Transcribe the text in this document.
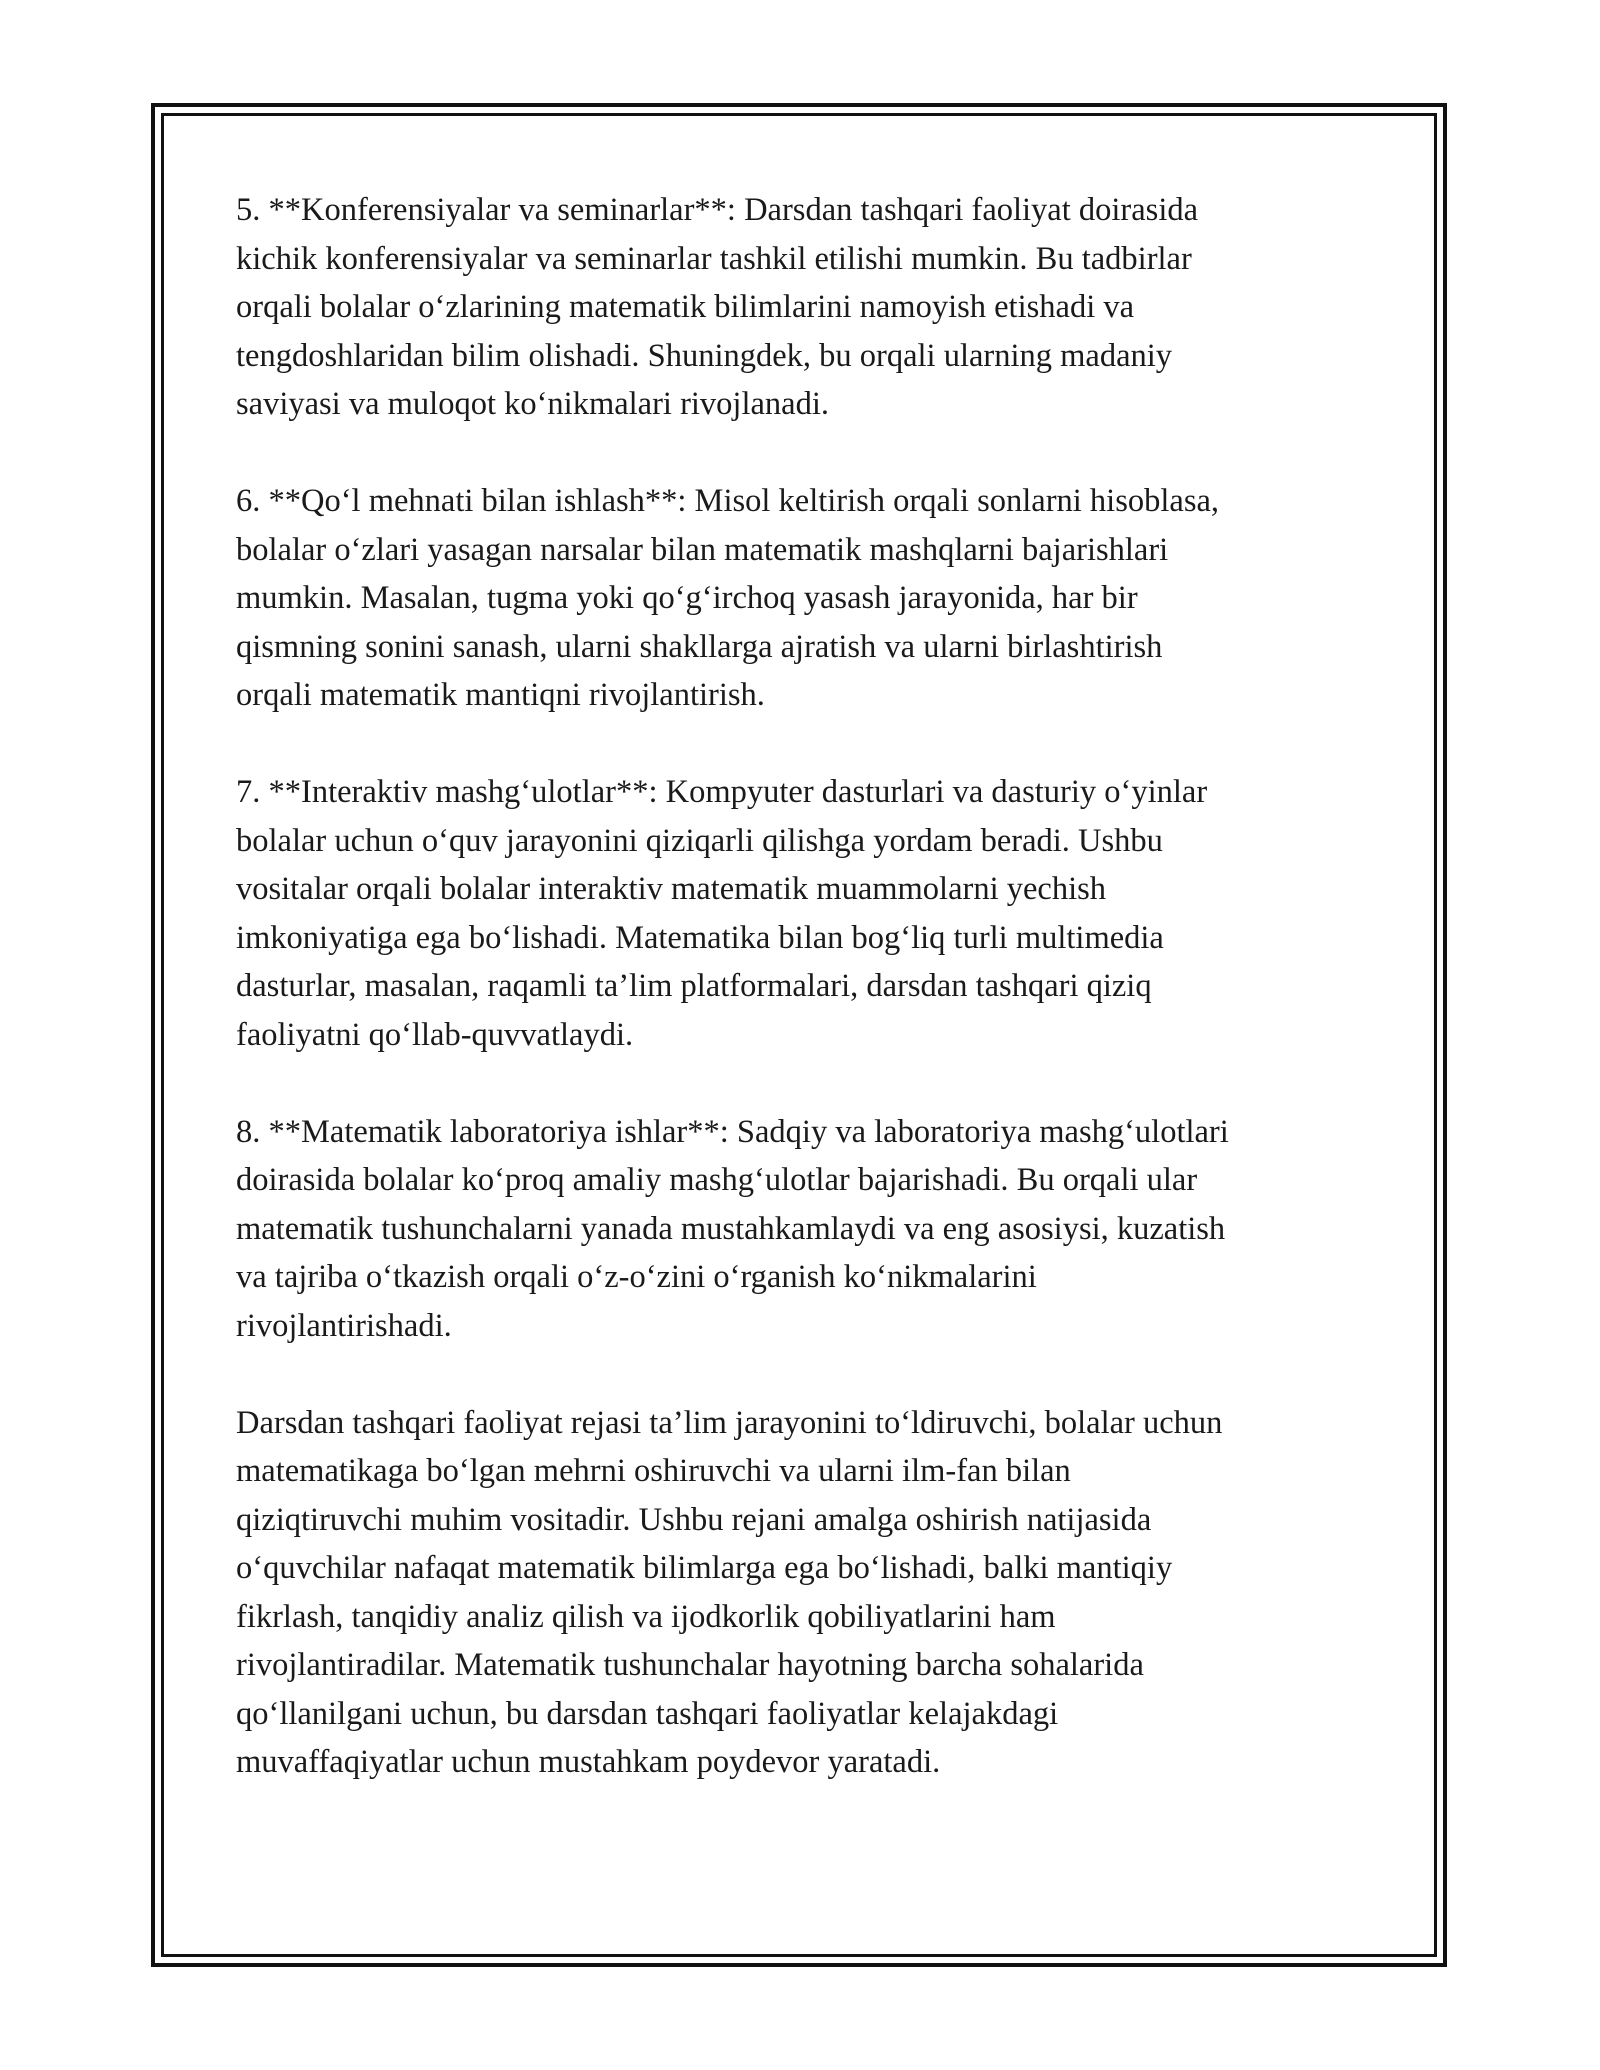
5. **Konferensiyalar va seminarlar**: Darsdan tashqari faoliyat doirasida
kichik konferensiyalar va seminarlar tashkil etilishi mumkin. Bu tadbirlar
orqali bolalar o‘zlarining matematik bilimlarini namoyish etishadi va
tengdoshlaridan bilim olishadi. Shuningdek, bu orqali ularning madaniy
saviyasi va muloqot ko‘nikmalari rivojlanadi.

6. **Qo‘l mehnati bilan ishlash**: Misol keltirish orqali sonlarni hisoblasa,
bolalar o‘zlari yasagan narsalar bilan matematik mashqlarni bajarishlari
mumkin. Masalan, tugma yoki qo‘g‘irchoq yasash jarayonida, har bir
qismning sonini sanash, ularni shakllarga ajratish va ularni birlashtirish
orqali matematik mantiqni rivojlantirish.

7. **Interaktiv mashg‘ulotlar**: Kompyuter dasturlari va dasturiy o‘yinlar
bolalar uchun o‘quv jarayonini qiziqarli qilishga yordam beradi. Ushbu
vositalar orqali bolalar interaktiv matematik muammolarni yechish
imkoniyatiga ega bo‘lishadi. Matematika bilan bog‘liq turli multimedia
dasturlar, masalan, raqamli ta’lim platformalari, darsdan tashqari qiziq
faoliyatni qo‘llab-quvvatlaydi.

8. **Matematik laboratoriya ishlar**: Sadqiy va laboratoriya mashg‘ulotlari
doirasida bolalar ko‘proq amaliy mashg‘ulotlar bajarishadi. Bu orqali ular
matematik tushunchalarni yanada mustahkamlaydi va eng asosiysi, kuzatish
va tajriba o‘tkazish orqali o‘z-o‘zini o‘rganish ko‘nikmalarini
rivojlantirishadi.

Darsdan tashqari faoliyat rejasi ta’lim jarayonini to‘ldiruvchi, bolalar uchun
matematikaga bo‘lgan mehrni oshiruvchi va ularni ilm-fan bilan
qiziqtiruvchi muhim vositadir. Ushbu rejani amalga oshirish natijasida
o‘quvchilar nafaqat matematik bilimlarga ega bo‘lishadi, balki mantiqiy
fikrlash, tanqidiy analiz qilish va ijodkorlik qobiliyatlarini ham
rivojlantiradilar. Matematik tushunchalar hayotning barcha sohalarida
qo‘llanilgani uchun, bu darsdan tashqari faoliyatlar kelajakdagi
muvaffaqiyatlar uchun mustahkam poydevor yaratadi.
